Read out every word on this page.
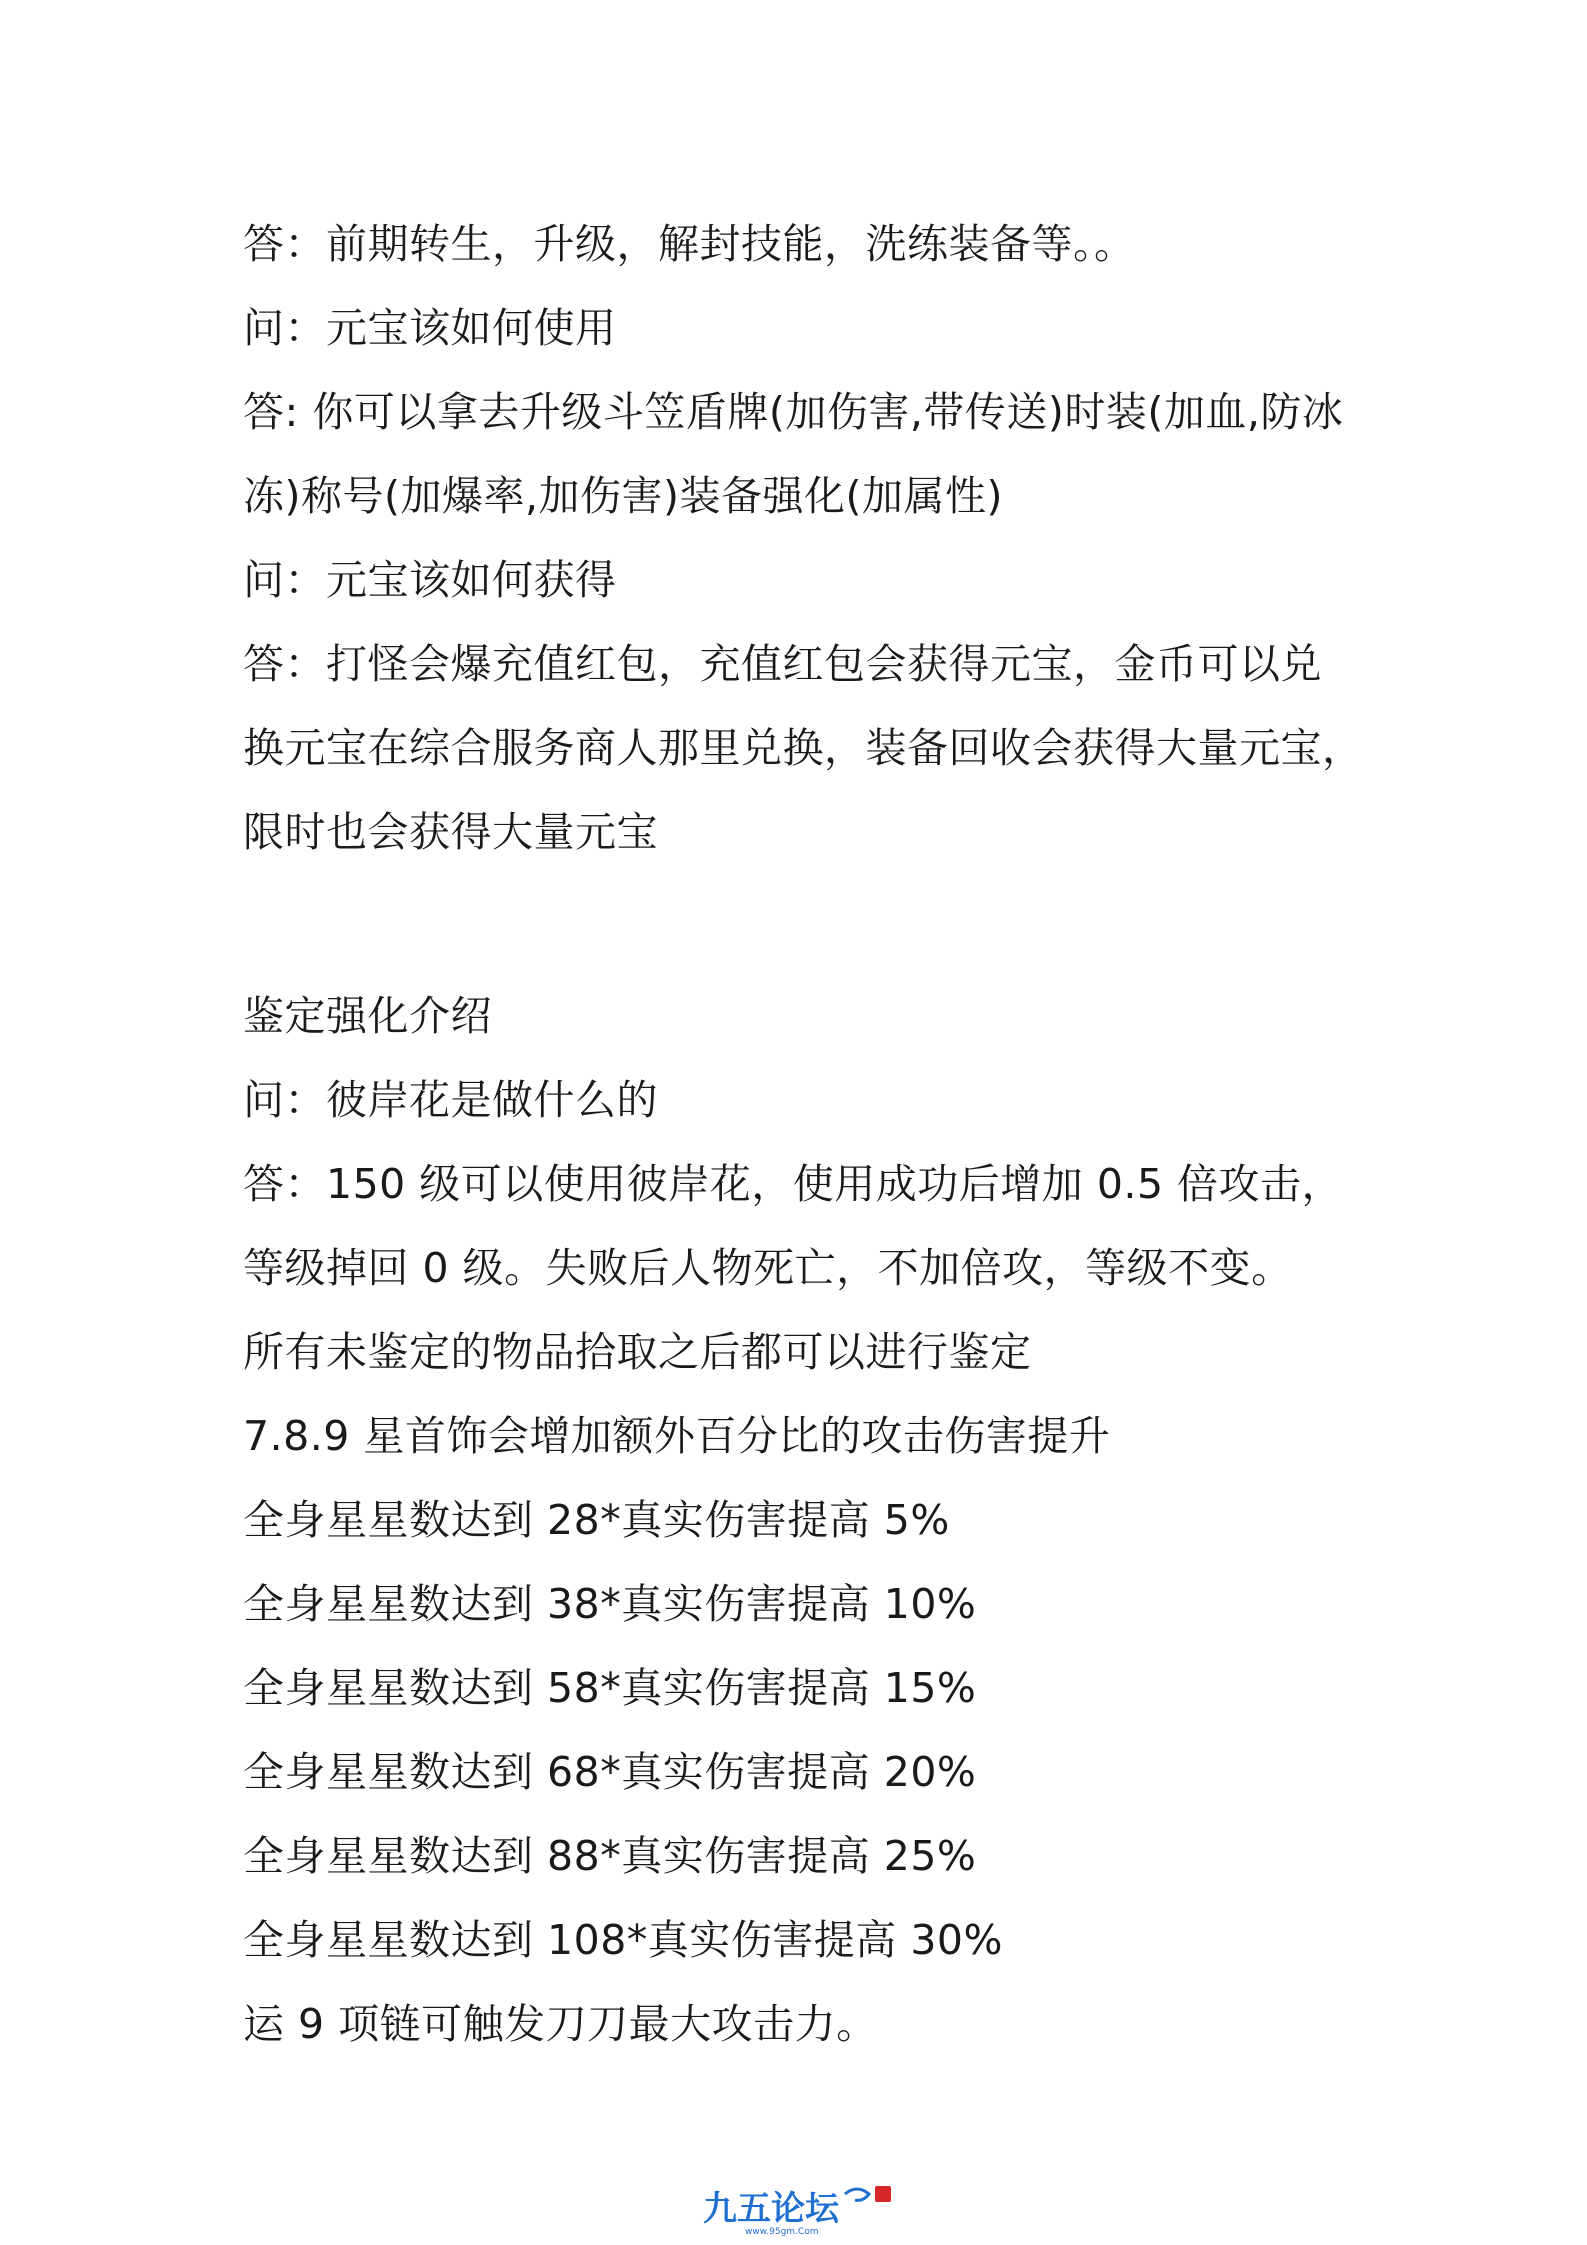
答：前期转生，升级，解封技能，洗练装备等。。
问：元宝该如何使用
答: 你可以拿去升级斗笠盾牌(加伤害,带传送)时装(加血,防冰
冻)称号(加爆率,加伤害)装备强化(加属性)
问：元宝该如何获得
答：打怪会爆充值红包，充值红包会获得元宝，金币可以兑
换元宝在综合服务商人那里兑换，装备回收会获得大量元宝，
限时也会获得大量元宝
鉴定强化介绍
问：彼岸花是做什么的
答：150 级可以使用彼岸花，使用成功后增加 0.5 倍攻击，
等级掉回 0 级。失败后人物死亡，不加倍攻，等级不变。
所有未鉴定的物品拾取之后都可以进行鉴定
7.8.9 星首饰会增加额外百分比的攻击伤害提升
全身星星数达到 28*真实伤害提高 5%
全身星星数达到 38*真实伤害提高 10%
全身星星数达到 58*真实伤害提高 15%
全身星星数达到 68*真实伤害提高 20%
全身星星数达到 88*真实伤害提高 25%
全身星星数达到 108*真实伤害提高 30%
运 9 项链可触发刀刀最大攻击力。
九五论坛
www.95gm.Com
